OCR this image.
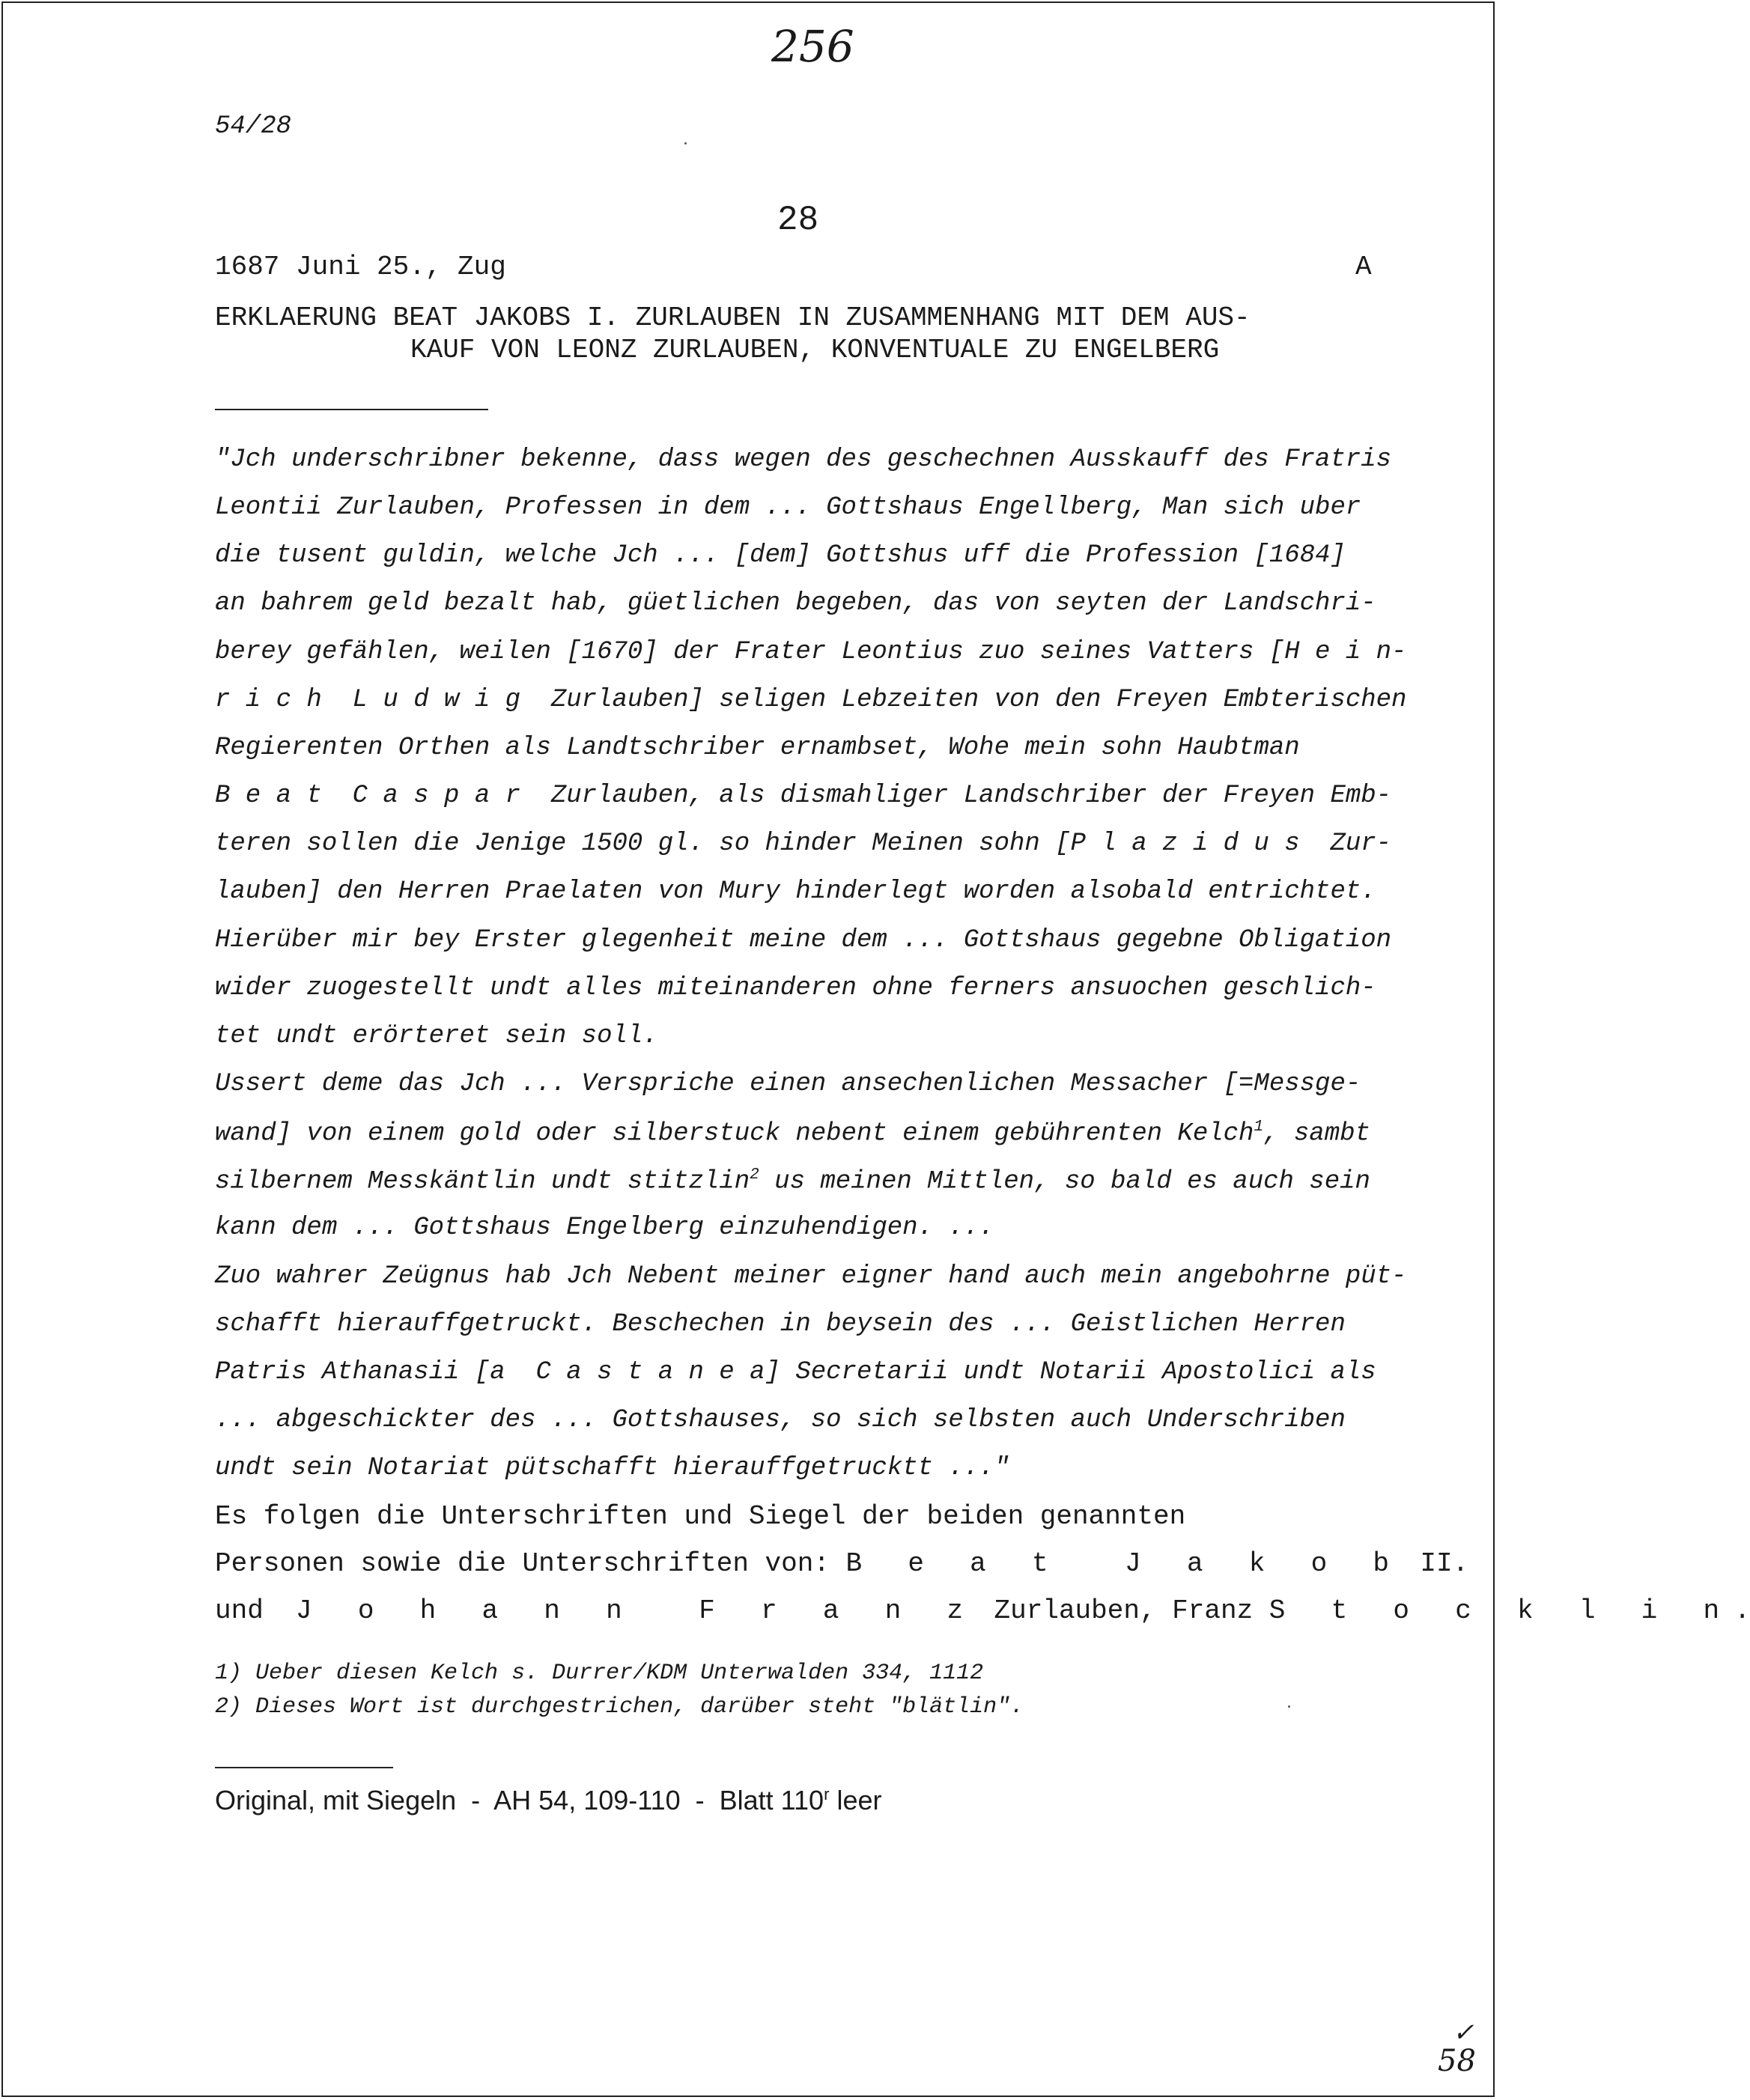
256
54/28
28
1687 Juni 25., Zug	A
ERKLAERUNG BEAT JAKOBS I. ZURLAUBEN IN ZUSAMMENHANG MIT DEM AUS-
KAUF VON LEONZ ZURLAUBEN, KONVENTUALE ZU ENGELBERG
"Jch underschribner bekenne, dass wegen des geschechnen Ausskauff des Fratris
Leontii Zurlauben, Professen in dem ... Gottshaus Engellberg, Man sich uber
die tusent guldin, welche Jch ... [dem] Gottshus uff die Profession [1684]
an bahrem geld bezalt hab, güetlichen begeben, das von seyten der Landschri-
berey gefählen, weilen [1670] der Frater Leontius zuo seines Vatters [H e i n-
r i c h  L u d w i g  Zurlauben] seligen Lebzeiten von den Freyen Embterischen
Regierenten Orthen als Landtschriber ernambset, Wohe mein sohn Haubtman
B e a t  C a s p a r  Zurlauben, als dismahliger Landschriber der Freyen Emb-
teren sollen die Jenige 1500 gl. so hinder Meinen sohn [P l a z i d u s  Zur-
lauben] den Herren Praelaten von Mury hinderlegt worden alsobald entrichtet.
Hierüber mir bey Erster glegenheit meine dem ... Gottshaus gegebne Obligation
wider zuogestellt undt alles miteinanderen ohne ferners ansuochen geschlich-
tet undt erörteret sein soll.
Ussert deme das Jch ... Verspriche einen ansechenlichen Messacher [=Messge-
wand] von einem gold oder silberstuck nebent einem gebührenten Kelch$^1$, sambt
silbernem Messkäntlin undt stitzlin$^2$ us meinen Mittlen, so bald es auch sein
kann dem ... Gottshaus Engelberg einzuhendigen. ...
Zuo wahrer Zeügnus hab Jch Nebent meiner eigner hand auch mein angebohrne püt-
schafft hierauffgetruckt. Beschechen in beysein des ... Geistlichen Herren
Patris Athanasii [a  C a s t a n e a] Secretarii undt Notarii Apostolici als
... abgeschickter des ... Gottshauses, so sich selbsten auch Underschriben
undt sein Notariat pütschafft hierauffgetrucktt ..."
Es folgen die Unterschriften und Siegel der beiden genannten
Personen sowie die Unterschriften von: B e a t  J a k o b II.
und J o h a n n  F r a n z Zurlauben, Franz S t o c k l i n.
1) Ueber diesen Kelch s. Durrer/KDM Unterwalden 334, 1112
2) Dieses Wort ist durchgestrichen, darüber steht "blätlin".
Original, mit Siegeln  -  AH 54, 109-110  -  Blatt 110$^r$ leer
✓
58
